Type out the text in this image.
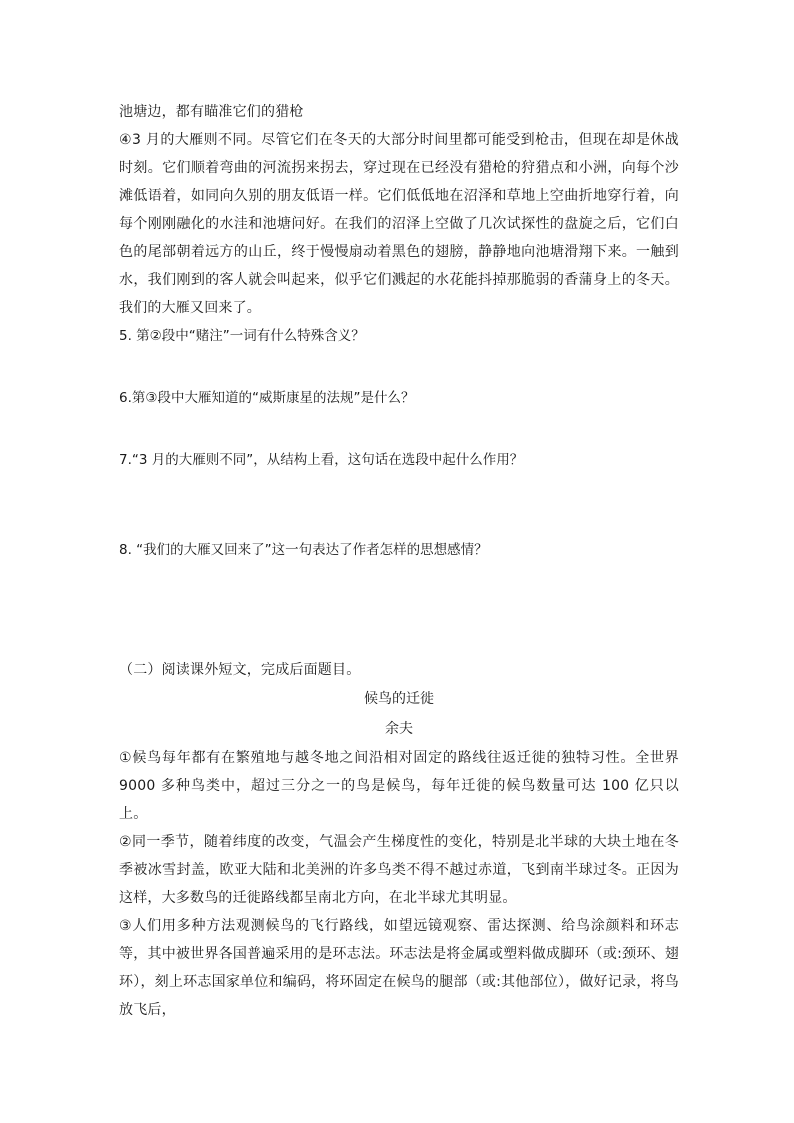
池塘边，都有瞄准它们的猎枪

④3 月的大雁则不同。尽管它们在冬天的大部分时间里都可能受到枪击，但现在却是休战时刻。它们顺着弯曲的河流拐来拐去，穿过现在已经没有猎枪的狩猎点和小洲，向每个沙滩低语着，如同向久别的朋友低语一样。它们低低地在沼泽和草地上空曲折地穿行着，向每个刚刚融化的水洼和池塘问好。在我们的沼泽上空做了几次试探性的盘旋之后，它们白色的尾部朝着远方的山丘，终于慢慢扇动着黑色的翅膀，静静地向池塘滑翔下来。一触到水，我们刚到的客人就会叫起来，似乎它们溅起的水花能抖掉那脆弱的香蒲身上的冬天。我们的大雁又回来了。

5. 第②段中“赌注”一词有什么特殊含义？

6.第③段中大雁知道的“威斯康星的法规”是什么？

7.“3 月的大雁则不同”，从结构上看，这句话在选段中起什么作用？

8. “我们的大雁又回来了”这一句表达了作者怎样的思想感情？

（二）阅读课外短文，完成后面题目。

候鸟的迁徙

余夫

①候鸟每年都有在繁殖地与越冬地之间沿相对固定的路线往返迁徙的独特习性。全世界 9000 多种鸟类中，超过三分之一的鸟是候鸟，每年迁徙的候鸟数量可达 100 亿只以上。

②同一季节，随着纬度的改变，气温会产生梯度性的变化，特别是北半球的大块土地在冬季被冰雪封盖，欧亚大陆和北美洲的许多鸟类不得不越过赤道，飞到南半球过冬。正因为这样，大多数鸟的迁徙路线都呈南北方向，在北半球尤其明显。

③人们用多种方法观测候鸟的飞行路线，如望远镜观察、雷达探测、给鸟涂颜料和环志等，其中被世界各国普遍采用的是环志法。环志法是将金属或塑料做成脚环（或:颈环、翅环），刻上环志国家单位和编码，将环固定在候鸟的腿部（或:其他部位），做好记录，将鸟放飞后，
